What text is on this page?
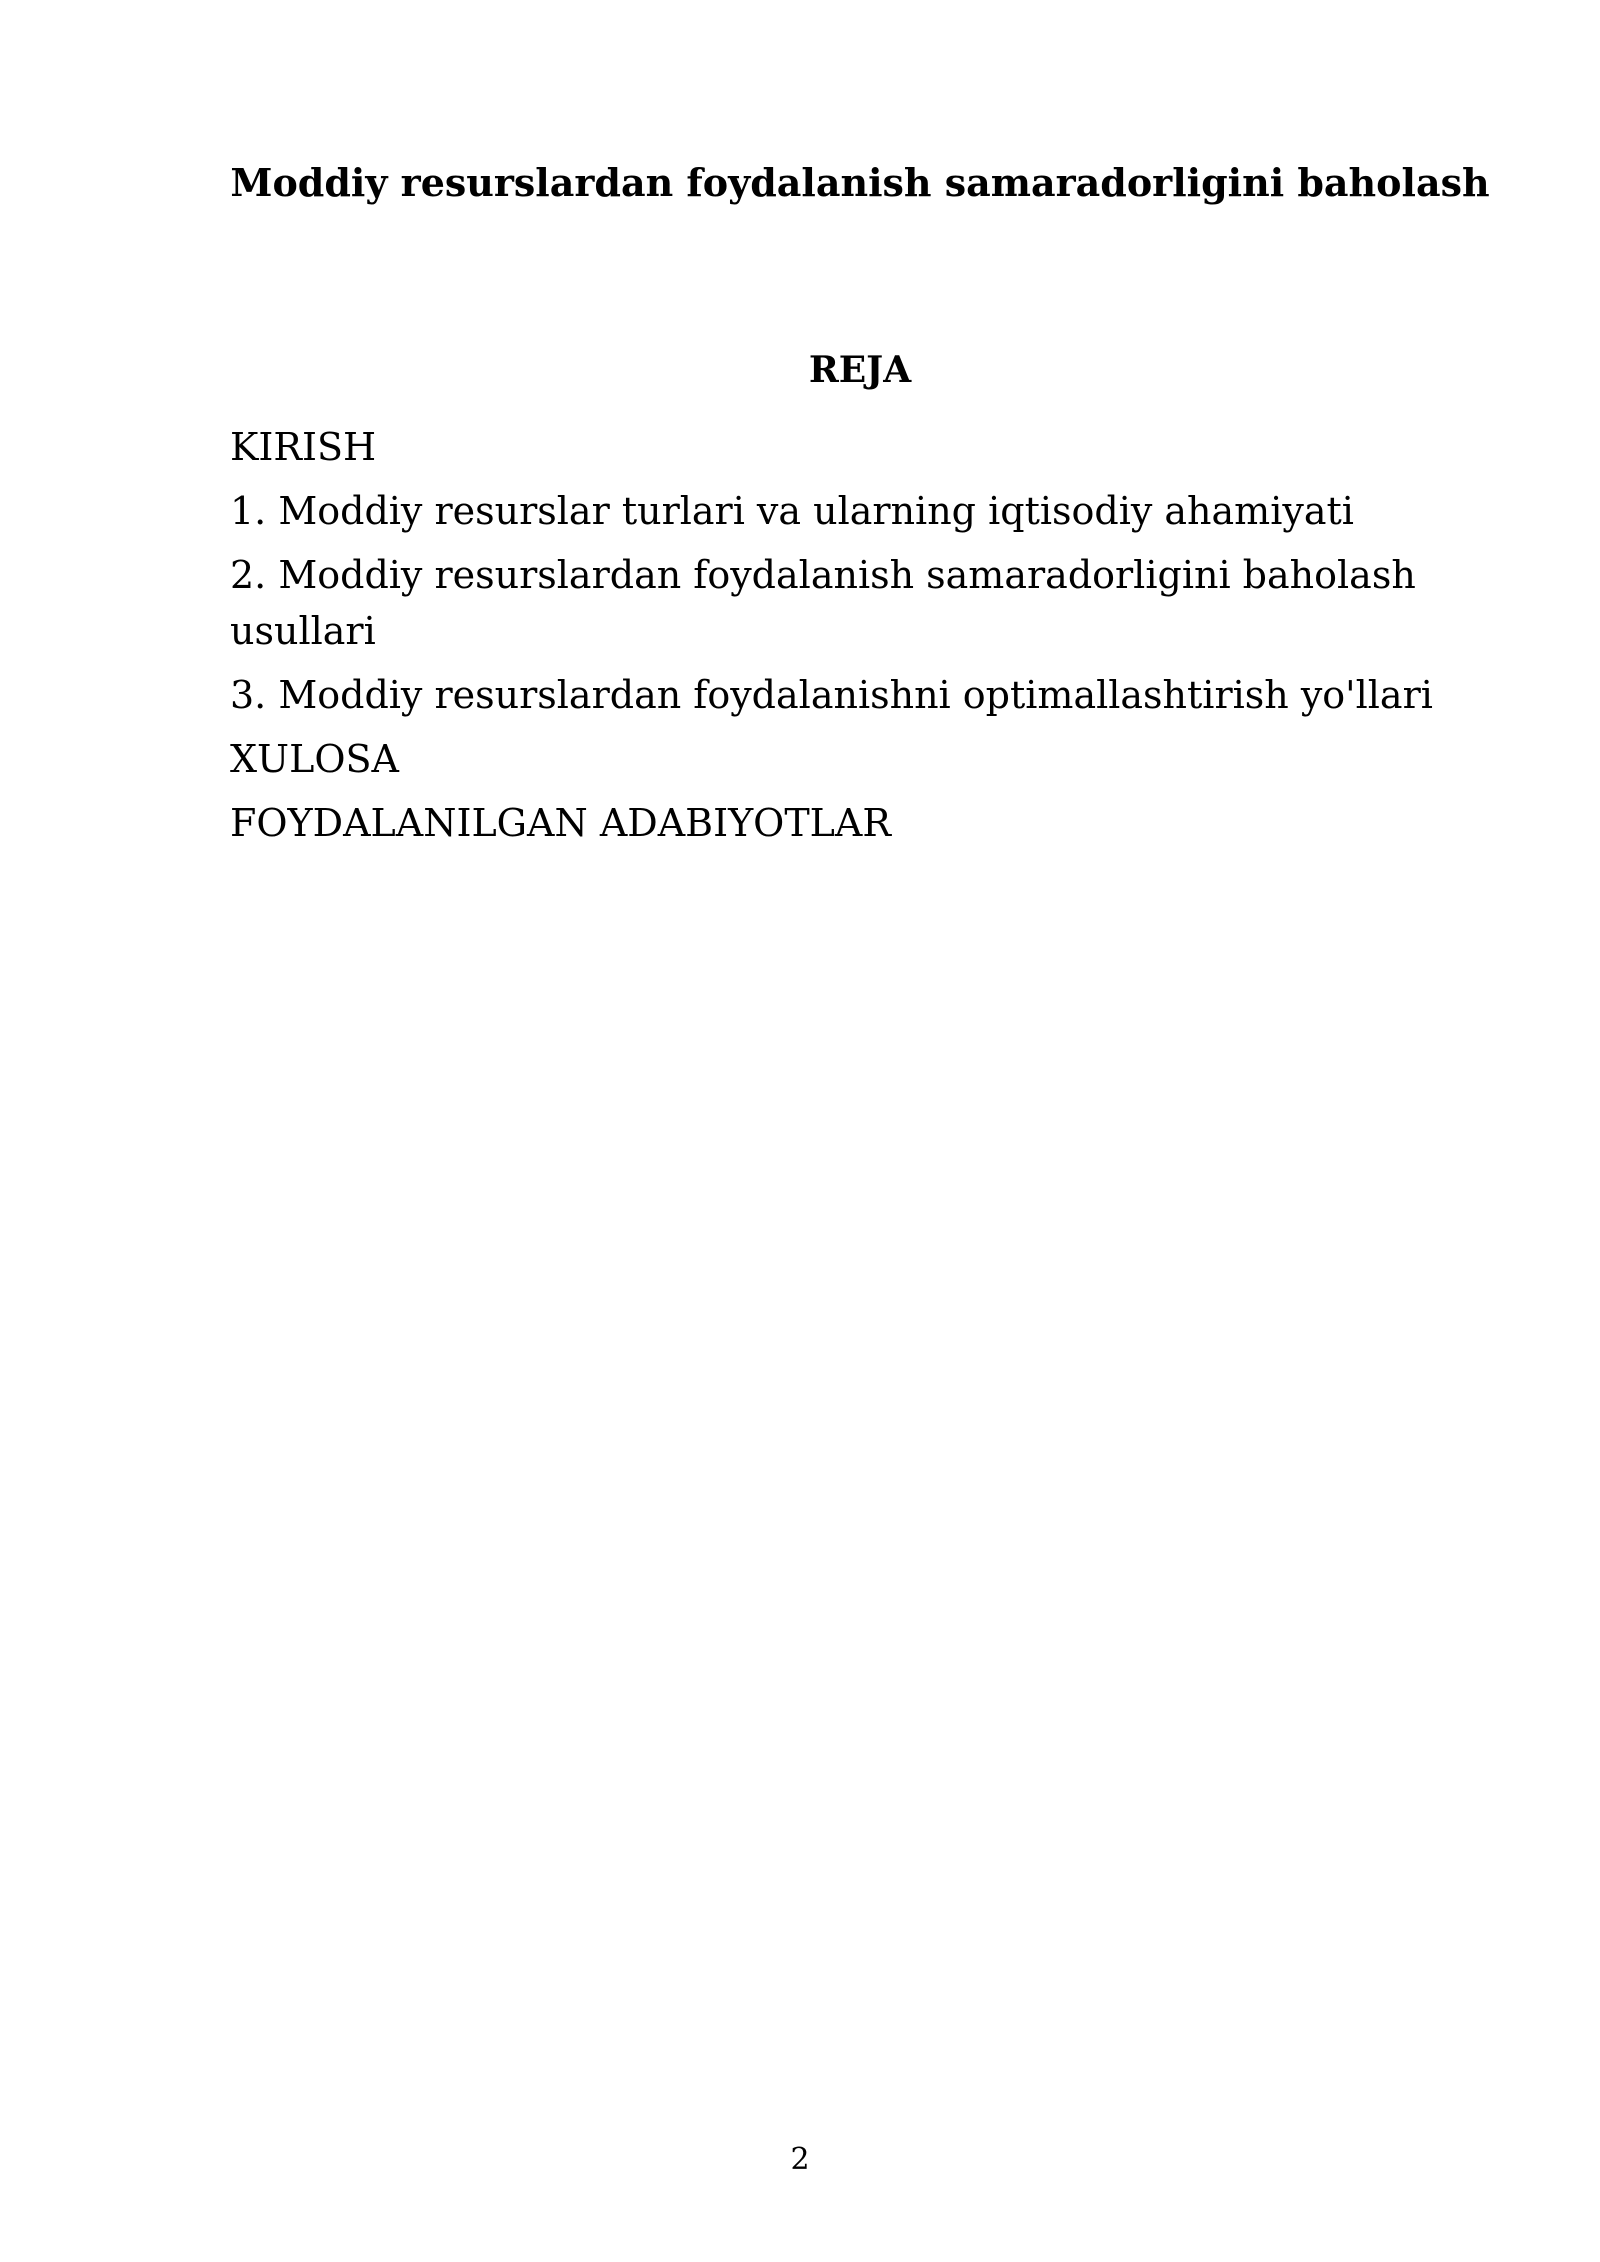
Moddiy resurslardan foydalanish samaradorligini baholash
REJA
KIRISH
1. Moddiy resurslar turlari va ularning iqtisodiy ahamiyati
2. Moddiy resurslardan foydalanish samaradorligini baholash usullari
3. Moddiy resurslardan foydalanishni optimallashtirish yo'llari
XULOSA
FOYDALANILGAN ADABIYOTLAR
2
